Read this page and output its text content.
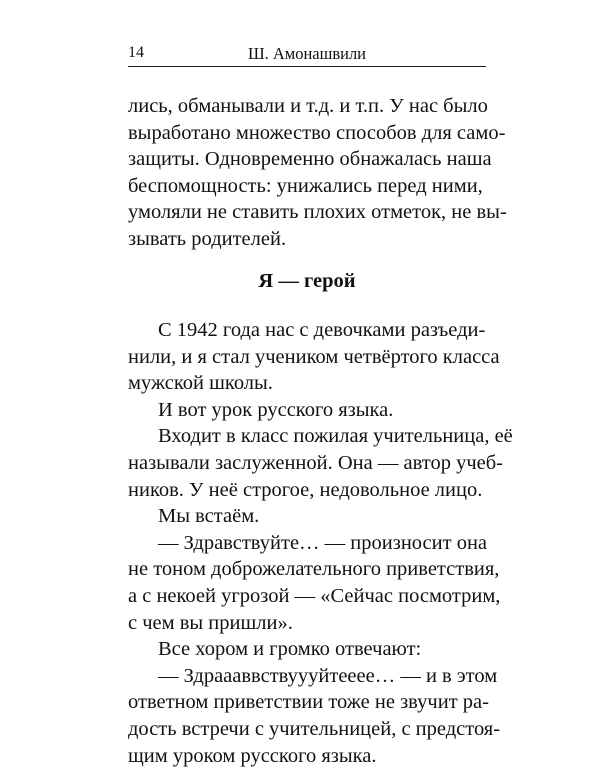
14	Ш. Амонашвили
лись, обманывали и т.д. и т.п. У нас было
выработано множество способов для само-
защиты. Одновременно обнажалась наша
беспомощность: унижались перед ними,
умоляли не ставить плохих отметок, не вы-
зывать родителей.
Я — герой
С 1942 года нас с девочками разъеди-
нили, и я стал учеником четвёртого класса
мужской школы.
И вот урок русского языка.
Входит в класс пожилая учительница, её
называли заслуженной. Она — автор учеб-
ников. У неё строгое, недовольное лицо.
Мы встаём.
— Здравствуйте… — произносит она
не тоном доброжелательного приветствия,
а с некоей угрозой — «Сейчас посмотрим,
с чем вы пришли».
Все хором и громко отвечают:
— Здраааввствуууйтееее… — и в этом
ответном приветствии тоже не звучит ра-
дость встречи с учительницей, с предстоя-
щим уроком русского языка.
